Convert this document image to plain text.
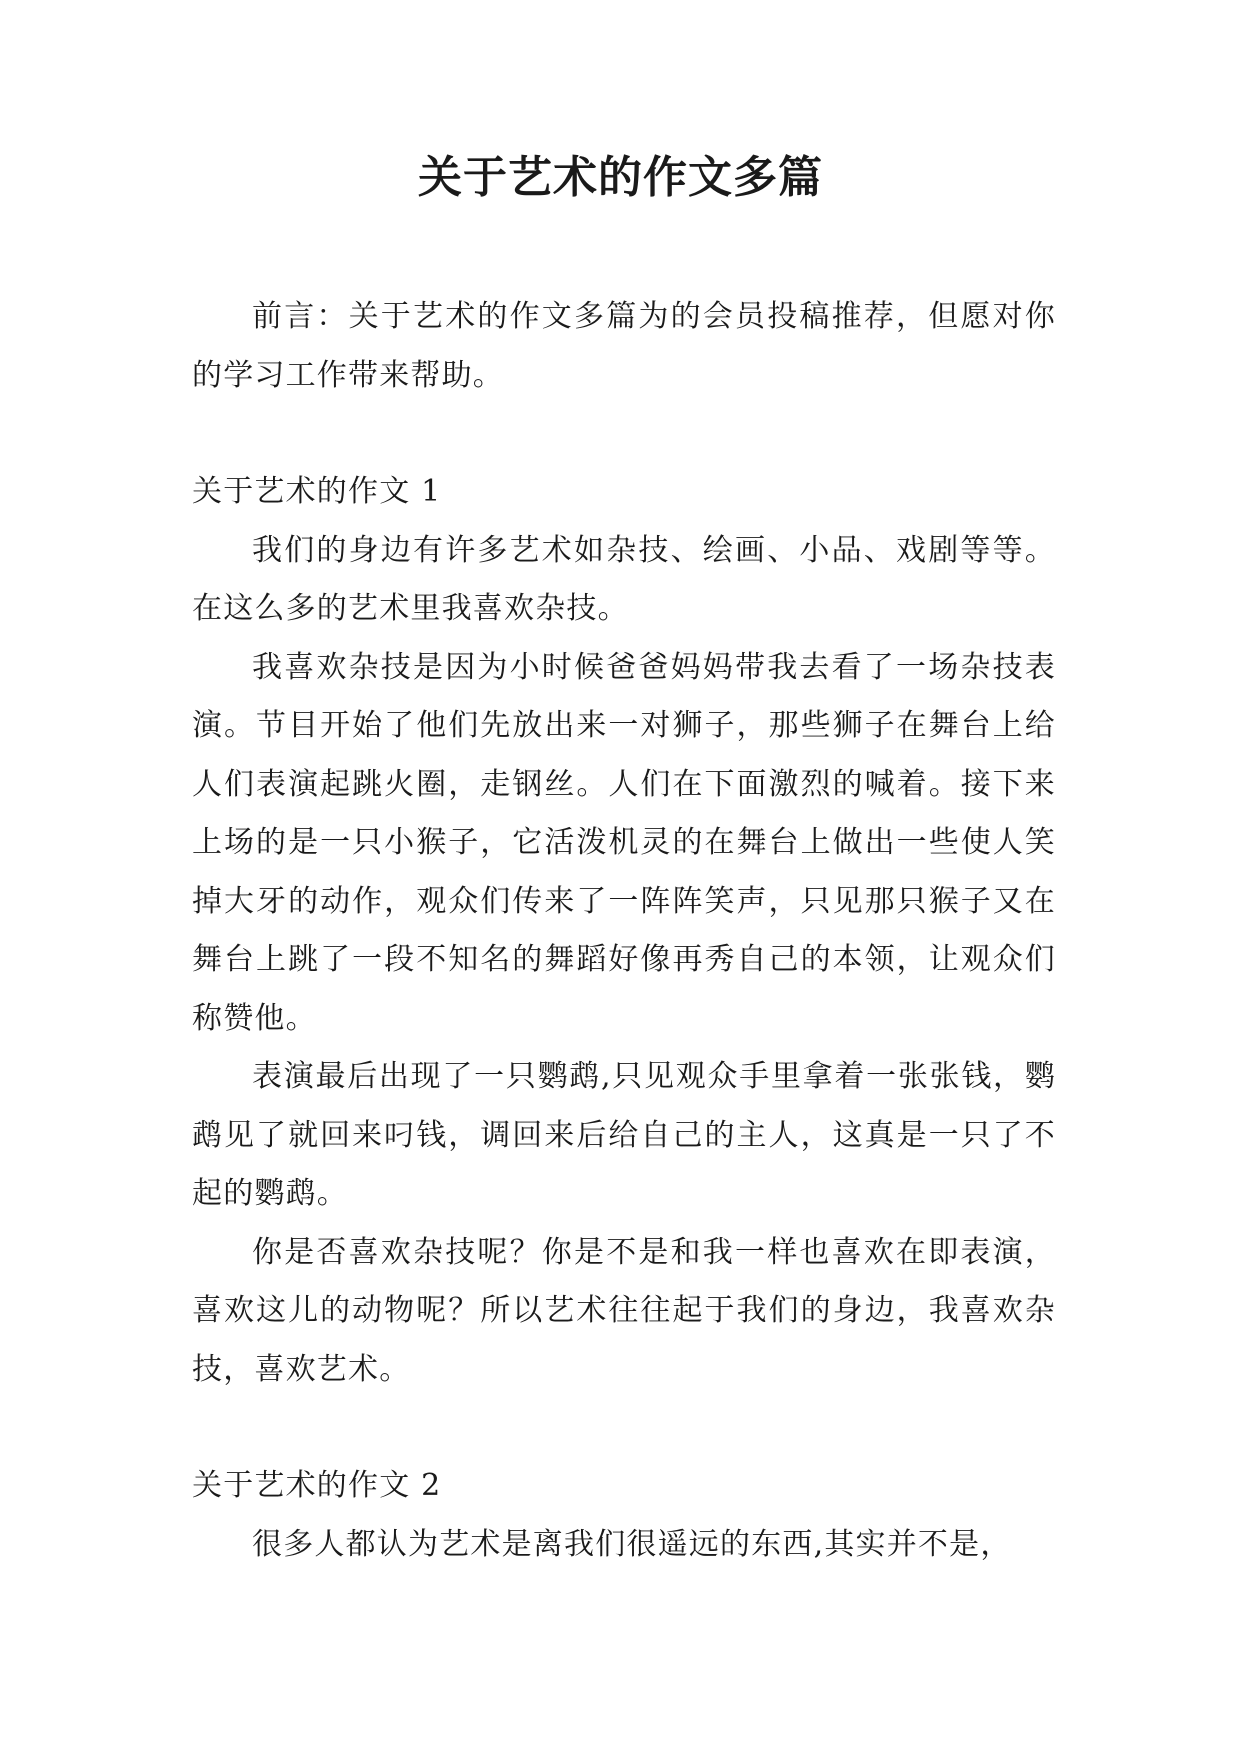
关于艺术的作文多篇

前言：关于艺术的作文多篇为的会员投稿推荐，但愿对你的学习工作带来帮助。

关于艺术的作文 1

我们的身边有许多艺术如杂技、绘画、小品、戏剧等等。在这么多的艺术里我喜欢杂技。

我喜欢杂技是因为小时候爸爸妈妈带我去看了一场杂技表演。节目开始了他们先放出来一对狮子，那些狮子在舞台上给人们表演起跳火圈，走钢丝。人们在下面激烈的喊着。接下来上场的是一只小猴子，它活泼机灵的在舞台上做出一些使人笑掉大牙的动作，观众们传来了一阵阵笑声，只见那只猴子又在舞台上跳了一段不知名的舞蹈好像再秀自己的本领，让观众们称赞他。

表演最后出现了一只鹦鹉,只见观众手里拿着一张张钱，鹦鹉见了就回来叼钱，调回来后给自己的主人，这真是一只了不起的鹦鹉。

你是否喜欢杂技呢？你是不是和我一样也喜欢在即表演，喜欢这儿的动物呢？所以艺术往往起于我们的身边，我喜欢杂技，喜欢艺术。

关于艺术的作文 2

很多人都认为艺术是离我们很遥远的东西,其实并不是，
